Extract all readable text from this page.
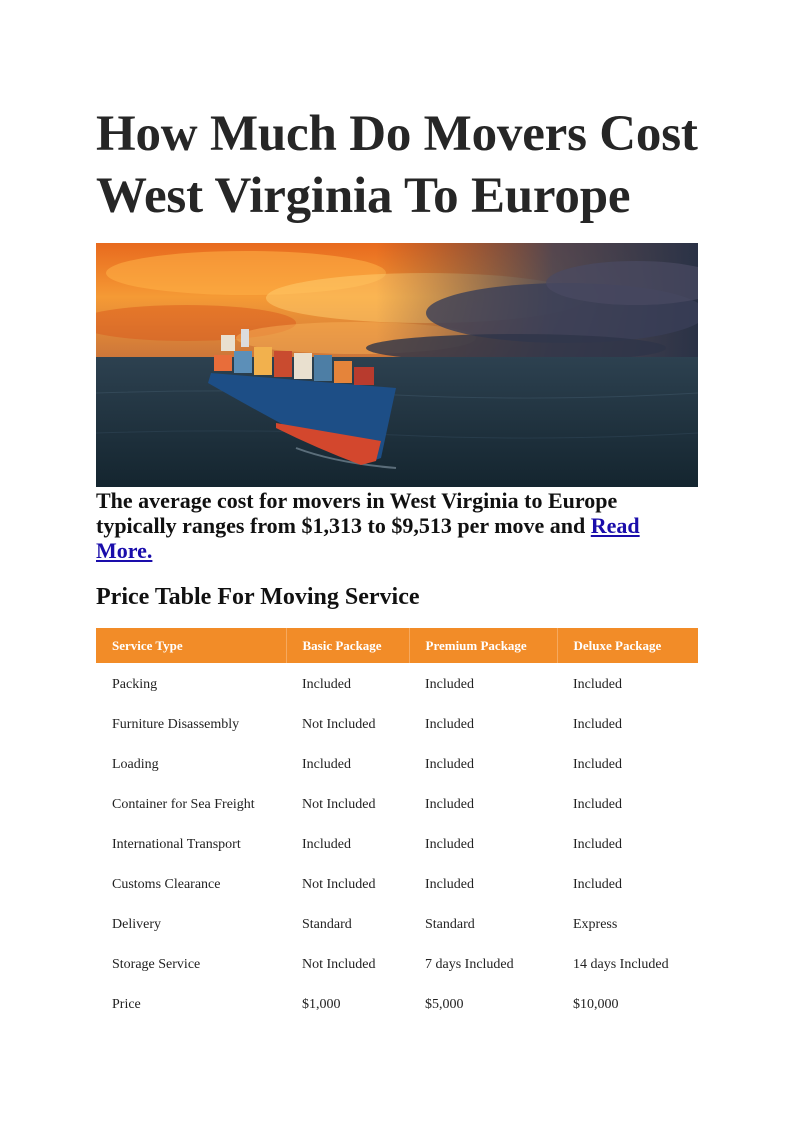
How Much Do Movers Cost
West Virginia To Europe

The average cost for movers in West Virginia to Europe typically ranges from $1,313 to $9,513 per move and Read More.

Price Table For Moving Service
Service Type	Basic Package	Premium Package	Deluxe Package
Packing	Included	Included	Included
Furniture Disassembly	Not Included	Included	Included
Loading	Included	Included	Included
Container for Sea Freight	Not Included	Included	Included
International Transport	Included	Included	Included
Customs Clearance	Not Included	Included	Included
Delivery	Standard	Standard	Express
Storage Service	Not Included	7 days Included	14 days Included
Price	$1,000	$5,000	$10,000
